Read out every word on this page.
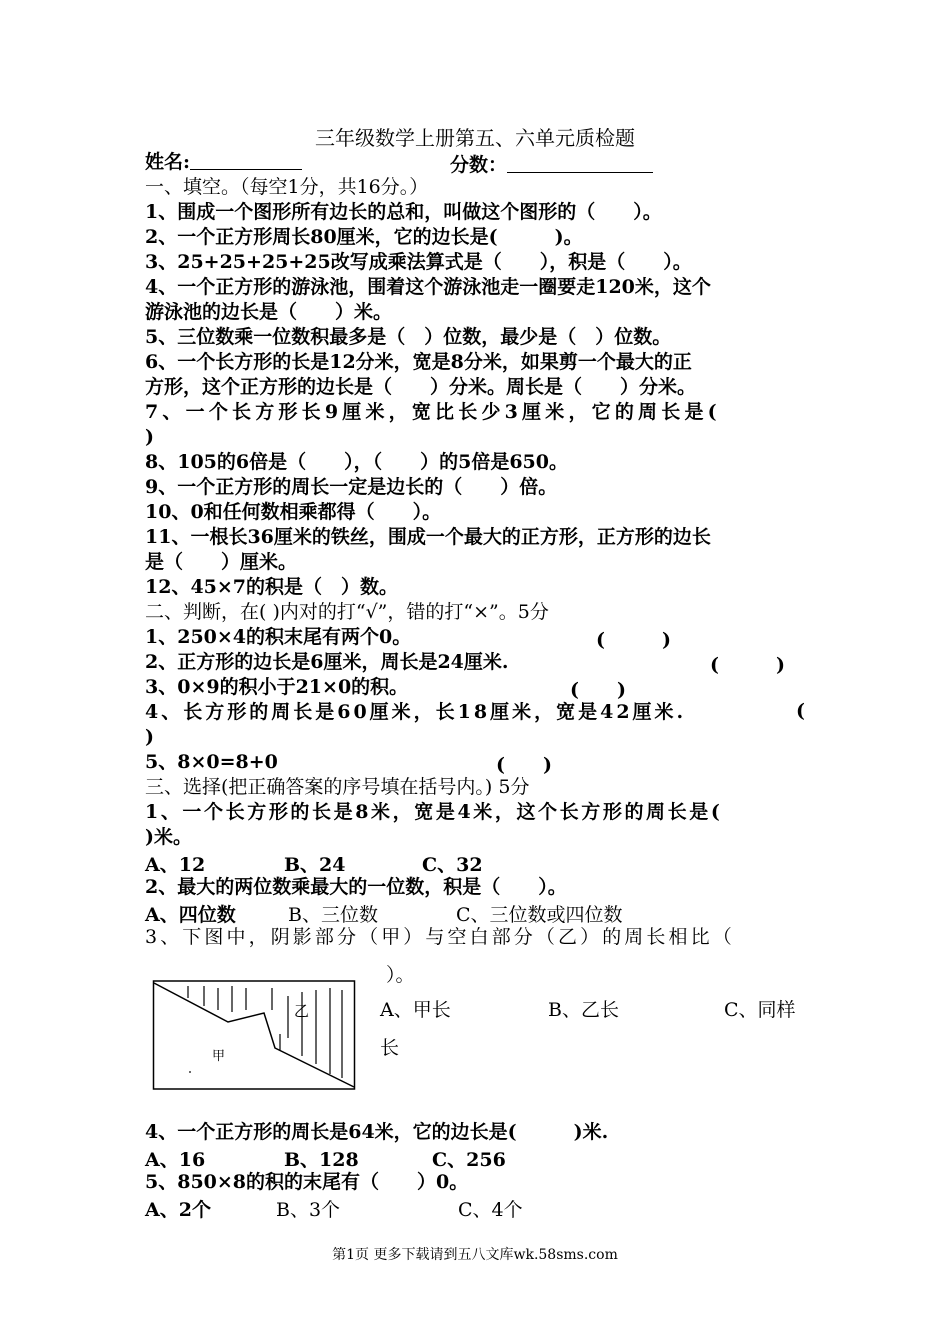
三年级数学上册第五、六单元质检题
姓名:	分数：
一、填空。（每空1分，共16分。）
1、围成一个图形所有边长的总和，叫做这个图形的（　　）。
2、一个正方形周长80厘米，它的边长是(　　　)。
3、25+25+25+25改写成乘法算式是（　　），积是（　　）。
4、一个正方形的游泳池，围着这个游泳池走一圈要走120米，这个
游泳池的边长是（　　）米。
5、三位数乘一位数积最多是（　）位数，最少是（　）位数。
6、一个长方形的长是12分米，宽是8分米，如果剪一个最大的正
方形，这个正方形的边长是（　　）分米。周长是（　　）分米。
7、一个长方形长9厘米，宽比长少3厘米，它的周长是(
)
8、105的6倍是（　　），（　　）的5倍是650。
9、一个正方形的周长一定是边长的（　　）倍。
10、0和任何数相乘都得（　　）。
11、一根长36厘米的铁丝，围成一个最大的正方形，正方形的边长
是（　　）厘米。
12、45×7的积是（　）数。
二、判断，在( )内对的打“√”，错的打“×”。5分
1、250×4的积末尾有两个0。	(　　　)
2、正方形的边长是6厘米，周长是24厘米.	(　　　)
3、0×9的积小于21×0的积。	(　　)
4、长方形的周长是60厘米，长18厘米，宽是42厘米.	(
)
5、8×0=8+0	(　　)
三、选择(把正确答案的序号填在括号内。) 5分
1、一个长方形的长是8米，宽是4米，这个长方形的周长是(
)米。
A、12	B、24	C、32
2、最大的两位数乘最大的一位数，积是（　　）。
A、四位数	B、三位数	C、三位数或四位数
3、下图中，阴影部分（甲）与空白部分（乙）的周长相比（
）。
乙
甲
A、甲长	B、乙长	C、同样
长
4、一个正方形的周长是64米，它的边长是(　　　)米.
A、16	B、128	C、256
5、850×8的积的末尾有（　　）0。
A、2个	B、3个	C、4个
第1页 更多下载请到五八文库wk.58sms.com
